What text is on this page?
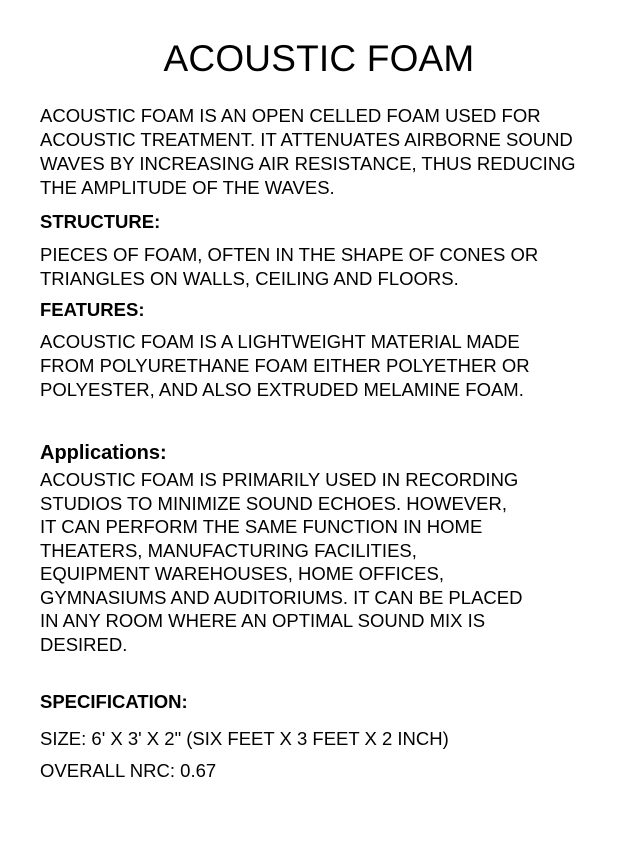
ACOUSTIC FOAM
ACOUSTIC FOAM IS AN OPEN CELLED FOAM USED FOR
ACOUSTIC TREATMENT. IT ATTENUATES AIRBORNE SOUND
WAVES BY INCREASING AIR RESISTANCE, THUS REDUCING
THE AMPLITUDE OF THE WAVES.
STRUCTURE:
PIECES OF FOAM, OFTEN IN THE SHAPE OF CONES OR
TRIANGLES ON WALLS, CEILING AND FLOORS.
FEATURES:
ACOUSTIC FOAM IS A LIGHTWEIGHT MATERIAL MADE
FROM POLYURETHANE FOAM EITHER POLYETHER OR
POLYESTER, AND ALSO EXTRUDED MELAMINE FOAM.
Applications:
ACOUSTIC FOAM IS PRIMARILY USED IN RECORDING
STUDIOS TO MINIMIZE SOUND ECHOES. HOWEVER,
IT CAN PERFORM THE SAME FUNCTION IN HOME
THEATERS, MANUFACTURING FACILITIES,
EQUIPMENT WAREHOUSES, HOME OFFICES,
GYMNASIUMS AND AUDITORIUMS. IT CAN BE PLACED
IN ANY ROOM WHERE AN OPTIMAL SOUND MIX IS
DESIRED.
SPECIFICATION:
SIZE: 6' X 3' X 2" (SIX FEET X 3 FEET X 2 INCH)
OVERALL NRC: 0.67
